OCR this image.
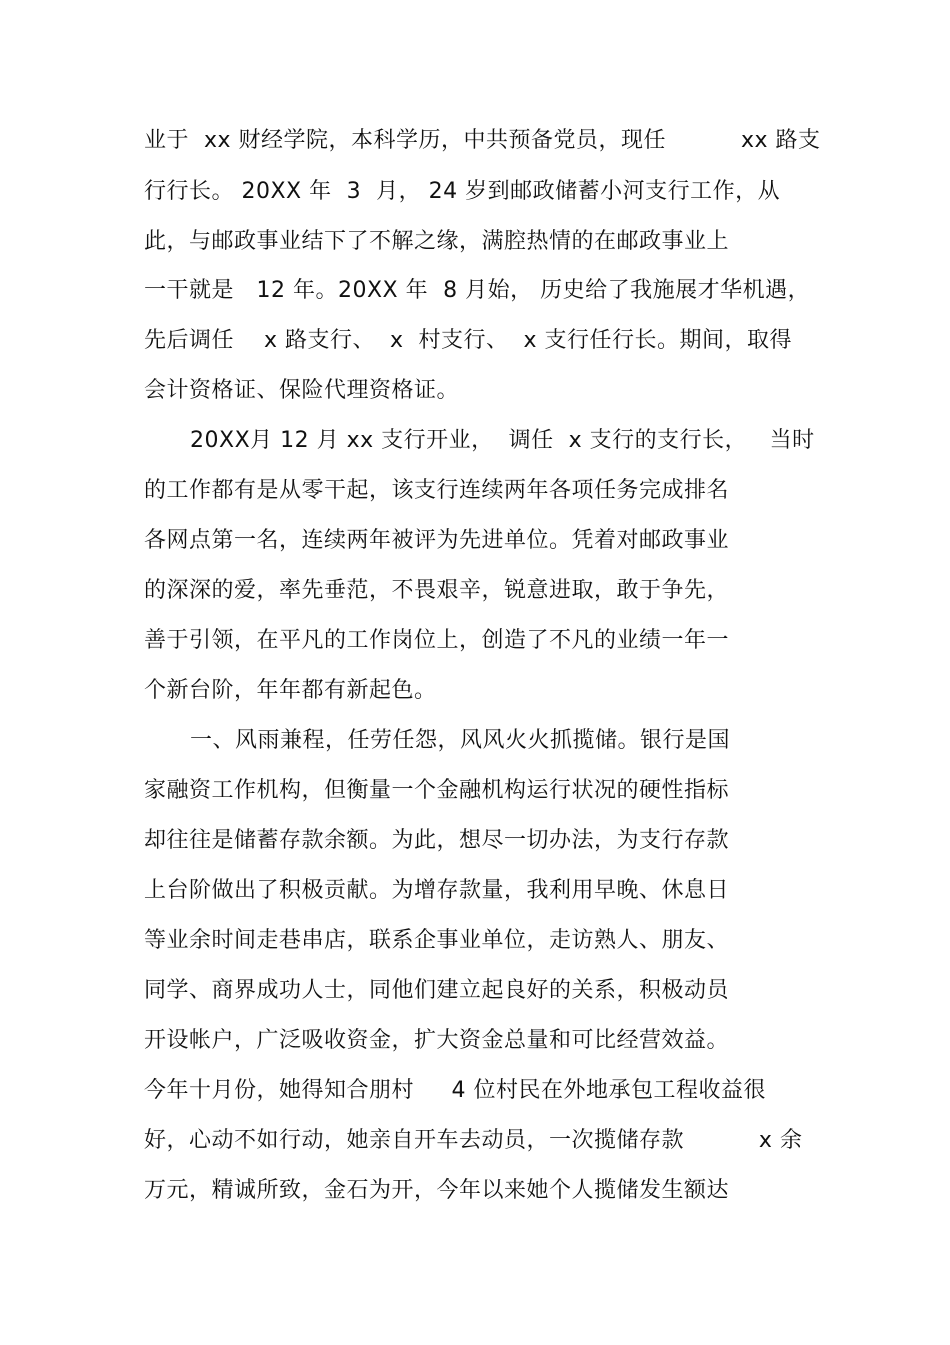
业于  xx 财经学院，本科学历，中共预备党员，现任          xx 路支
行行长。 20XX 年  3  月， 24 岁到邮政储蓄小河支行工作，从
此，与邮政事业结下了不解之缘，满腔热情的在邮政事业上
一干就是   12 年。20XX 年  8 月始， 历史给了我施展才华机遇，
先后调任    x 路支行、  x  村支行、  x 支行任行长。期间，取得
会计资格证、保险代理资格证。
20XX月 12 月 xx 支行开业，  调任  x 支行的支行长，   当时
的工作都有是从零干起，该支行连续两年各项任务完成排名
各网点第一名，连续两年被评为先进单位。凭着对邮政事业
的深深的爱，率先垂范，不畏艰辛，锐意进取，敢于争先，
善于引领，在平凡的工作岗位上，创造了不凡的业绩一年一
个新台阶，年年都有新起色。
一、风雨兼程，任劳任怨，风风火火抓揽储。银行是国
家融资工作机构，但衡量一个金融机构运行状况的硬性指标
却往往是储蓄存款余额。为此，想尽一切办法，为支行存款
上台阶做出了积极贡献。为增存款量，我利用早晚、休息日
等业余时间走巷串店，联系企事业单位，走访熟人、朋友、
同学、商界成功人士，同他们建立起良好的关系，积极动员
开设帐户，广泛吸收资金，扩大资金总量和可比经营效益。
今年十月份，她得知合朋村     4 位村民在外地承包工程收益很
好，心动不如行动，她亲自开车去动员，一次揽储存款          x 余
万元，精诚所致，金石为开，今年以来她个人揽储发生额达
